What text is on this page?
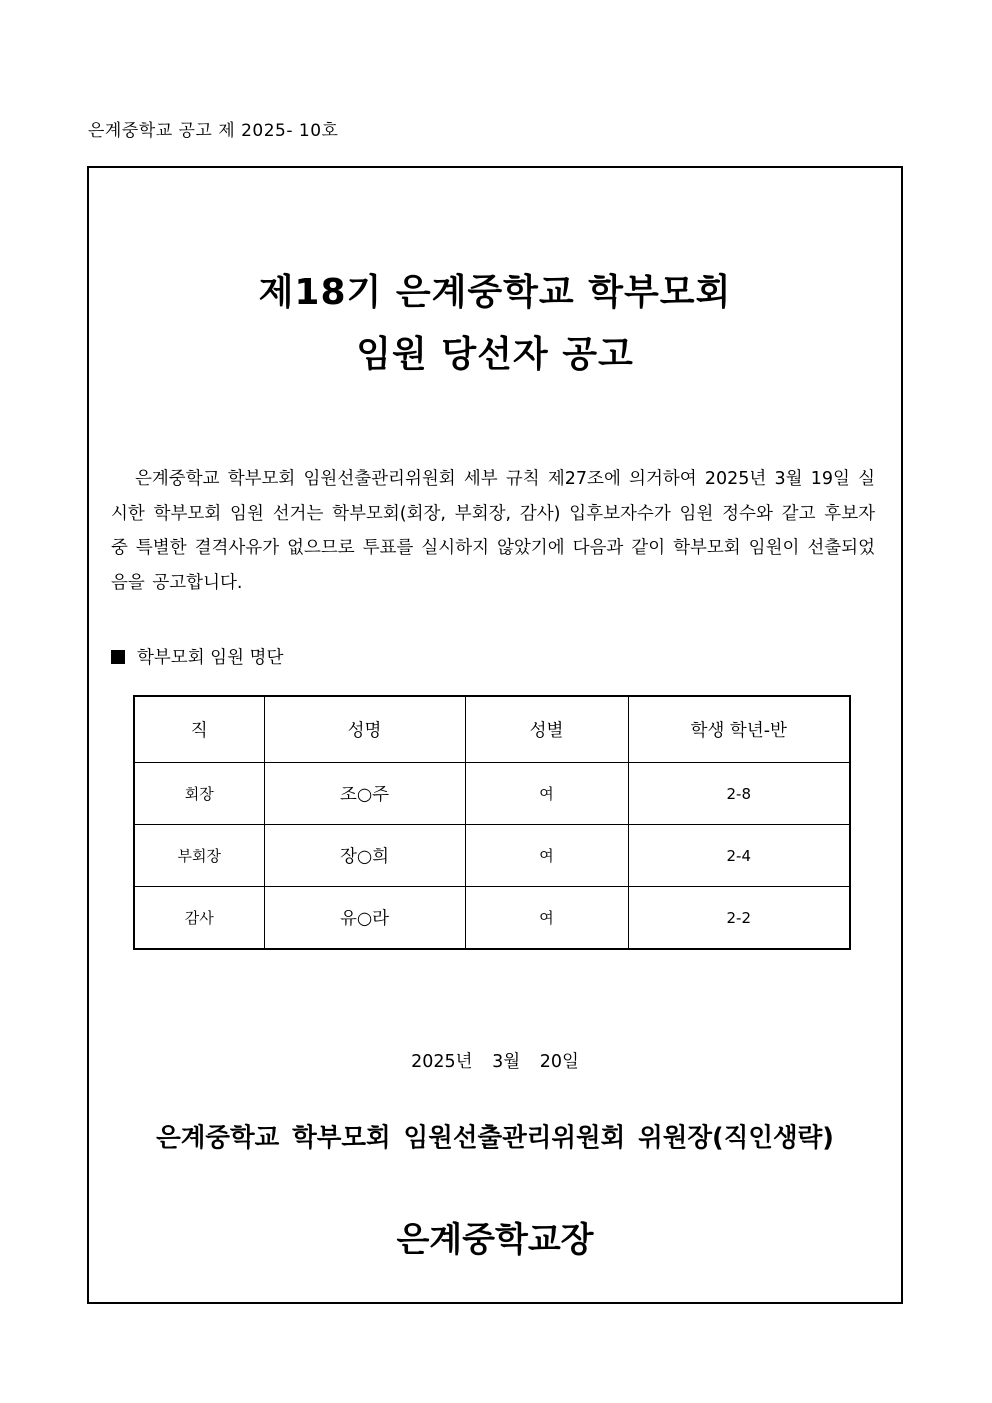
은계중학교 공고 제 2025- 10호
제18기 은계중학교 학부모회
임원 당선자 공고
은계중학교 학부모회 임원선출관리위원회 세부 규칙 제27조에 의거하여 2025년 3월 19일 실시한 학부모회 임원 선거는 학부모회(회장, 부회장, 감사) 입후보자수가 임원 정수와 같고 후보자 중 특별한 결격사유가 없으므로 투표를 실시하지 않았기에 다음과 같이 학부모회 임원이 선출되었음을 공고합니다.
학부모회 임원 명단
직	성명	성별	학생 학년-반
회장	조○주	여	2-8
부회장	장○희	여	2-4
감사	유○라	여	2-2
2025년 3월 20일
은계중학교 학부모회 임원선출관리위원회 위원장(직인생략)
은계중학교장
